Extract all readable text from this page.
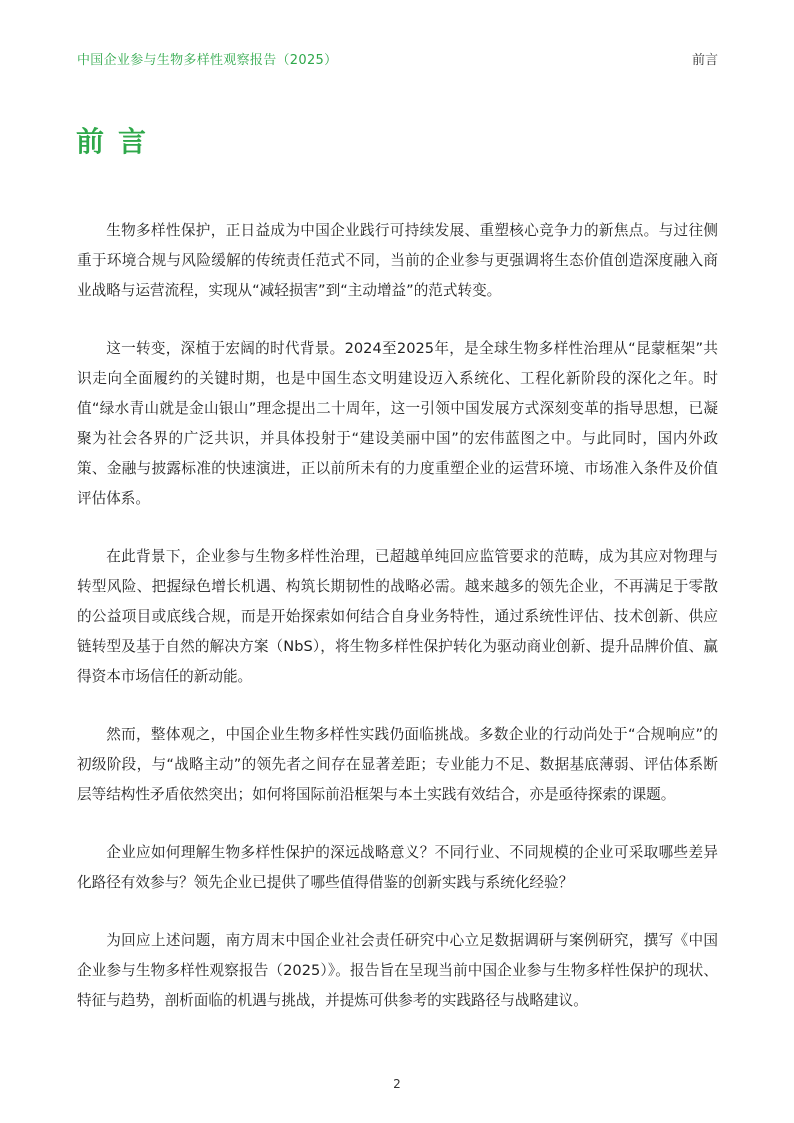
中国企业参与生物多样性观察报告（2025）	前言
前言

生物多样性保护，正日益成为中国企业践行可持续发展、重塑核心竞争力的新焦点。与过往侧重于环境合规与风险缓解的传统责任范式不同，当前的企业参与更强调将生态价值创造深度融入商业战略与运营流程，实现从“减轻损害”到“主动增益”的范式转变。

这一转变，深植于宏阔的时代背景。2024至2025年，是全球生物多样性治理从“昆蒙框架”共识走向全面履约的关键时期，也是中国生态文明建设迈入系统化、工程化新阶段的深化之年。时值“绿水青山就是金山银山”理念提出二十周年，这一引领中国发展方式深刻变革的指导思想，已凝聚为社会各界的广泛共识，并具体投射于“建设美丽中国”的宏伟蓝图之中。与此同时，国内外政策、金融与披露标准的快速演进，正以前所未有的力度重塑企业的运营环境、市场准入条件及价值评估体系。

在此背景下，企业参与生物多样性治理，已超越单纯回应监管要求的范畴，成为其应对物理与转型风险、把握绿色增长机遇、构筑长期韧性的战略必需。越来越多的领先企业，不再满足于零散的公益项目或底线合规，而是开始探索如何结合自身业务特性，通过系统性评估、技术创新、供应链转型及基于自然的解决方案（NbS），将生物多样性保护转化为驱动商业创新、提升品牌价值、赢得资本市场信任的新动能。

然而，整体观之，中国企业生物多样性实践仍面临挑战。多数企业的行动尚处于“合规响应”的初级阶段，与“战略主动”的领先者之间存在显著差距；专业能力不足、数据基底薄弱、评估体系断层等结构性矛盾依然突出；如何将国际前沿框架与本土实践有效结合，亦是亟待探索的课题。

企业应如何理解生物多样性保护的深远战略意义？不同行业、不同规模的企业可采取哪些差异化路径有效参与？领先企业已提供了哪些值得借鉴的创新实践与系统化经验？

为回应上述问题，南方周末中国企业社会责任研究中心立足数据调研与案例研究，撰写《中国企业参与生物多样性观察报告（2025）》。报告旨在呈现当前中国企业参与生物多样性保护的现状、特征与趋势，剖析面临的机遇与挑战，并提炼可供参考的实践路径与战略建议。

2
